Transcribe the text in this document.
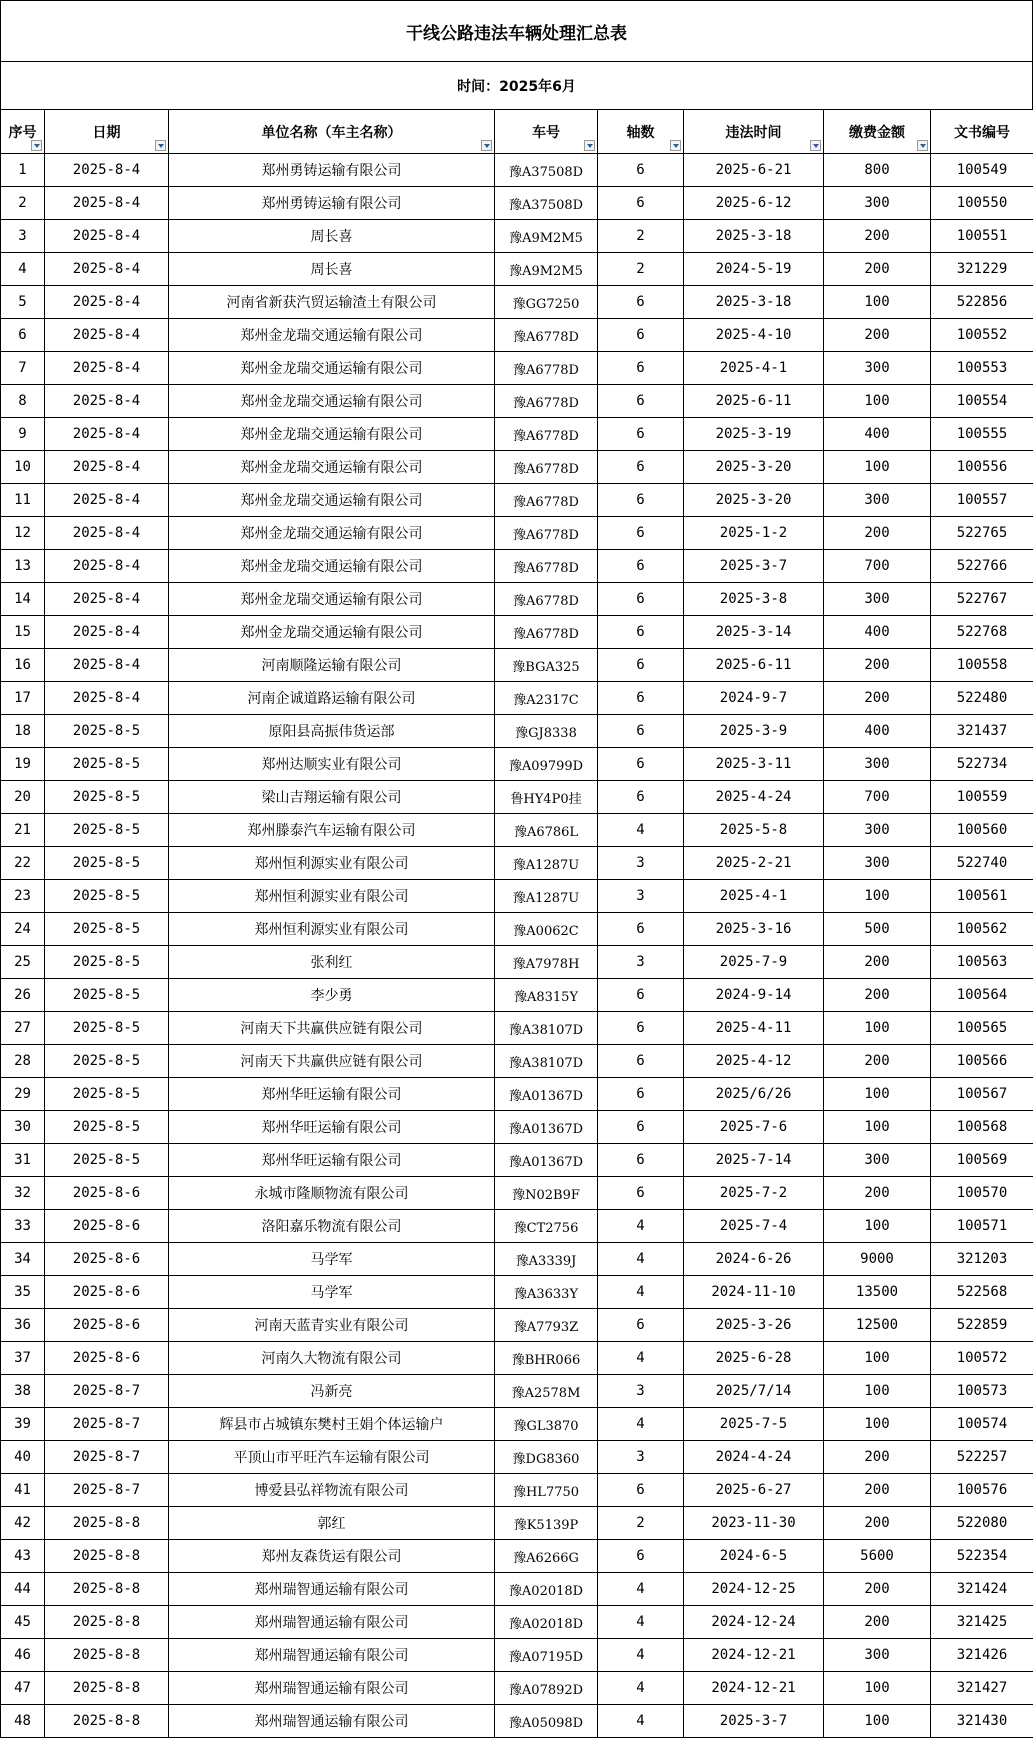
干线公路违法车辆处理汇总表
时间：2025年6月
序号	日期	单位名称（车主名称）	车号	轴数	违法时间	缴费金额	文书编号
1	2025-8-4	郑州勇铸运输有限公司	豫A37508D	6	2025-6-21	800	100549
2	2025-8-4	郑州勇铸运输有限公司	豫A37508D	6	2025-6-12	300	100550
3	2025-8-4	周长喜	豫A9M2M5	2	2025-3-18	200	100551
4	2025-8-4	周长喜	豫A9M2M5	2	2024-5-19	200	321229
5	2025-8-4	河南省新获汽贸运输渣土有限公司	豫GG7250	6	2025-3-18	100	522856
6	2025-8-4	郑州金龙瑞交通运输有限公司	豫A6778D	6	2025-4-10	200	100552
7	2025-8-4	郑州金龙瑞交通运输有限公司	豫A6778D	6	2025-4-1	300	100553
8	2025-8-4	郑州金龙瑞交通运输有限公司	豫A6778D	6	2025-6-11	100	100554
9	2025-8-4	郑州金龙瑞交通运输有限公司	豫A6778D	6	2025-3-19	400	100555
10	2025-8-4	郑州金龙瑞交通运输有限公司	豫A6778D	6	2025-3-20	100	100556
11	2025-8-4	郑州金龙瑞交通运输有限公司	豫A6778D	6	2025-3-20	300	100557
12	2025-8-4	郑州金龙瑞交通运输有限公司	豫A6778D	6	2025-1-2	200	522765
13	2025-8-4	郑州金龙瑞交通运输有限公司	豫A6778D	6	2025-3-7	700	522766
14	2025-8-4	郑州金龙瑞交通运输有限公司	豫A6778D	6	2025-3-8	300	522767
15	2025-8-4	郑州金龙瑞交通运输有限公司	豫A6778D	6	2025-3-14	400	522768
16	2025-8-4	河南顺隆运输有限公司	豫BGA325	6	2025-6-11	200	100558
17	2025-8-4	河南企诚道路运输有限公司	豫A2317C	6	2024-9-7	200	522480
18	2025-8-5	原阳县高振伟货运部	豫GJ8338	6	2025-3-9	400	321437
19	2025-8-5	郑州达顺实业有限公司	豫A09799D	6	2025-3-11	300	522734
20	2025-8-5	梁山吉翔运输有限公司	鲁HY4P0挂	6	2025-4-24	700	100559
21	2025-8-5	郑州滕泰汽车运输有限公司	豫A6786L	4	2025-5-8	300	100560
22	2025-8-5	郑州恒利源实业有限公司	豫A1287U	3	2025-2-21	300	522740
23	2025-8-5	郑州恒利源实业有限公司	豫A1287U	3	2025-4-1	100	100561
24	2025-8-5	郑州恒利源实业有限公司	豫A0062C	6	2025-3-16	500	100562
25	2025-8-5	张利红	豫A7978H	3	2025-7-9	200	100563
26	2025-8-5	李少勇	豫A8315Y	6	2024-9-14	200	100564
27	2025-8-5	河南天下共赢供应链有限公司	豫A38107D	6	2025-4-11	100	100565
28	2025-8-5	河南天下共赢供应链有限公司	豫A38107D	6	2025-4-12	200	100566
29	2025-8-5	郑州华旺运输有限公司	豫A01367D	6	2025/6/26	100	100567
30	2025-8-5	郑州华旺运输有限公司	豫A01367D	6	2025-7-6	100	100568
31	2025-8-5	郑州华旺运输有限公司	豫A01367D	6	2025-7-14	300	100569
32	2025-8-6	永城市隆顺物流有限公司	豫N02B9F	6	2025-7-2	200	100570
33	2025-8-6	洛阳嘉乐物流有限公司	豫CT2756	4	2025-7-4	100	100571
34	2025-8-6	马学军	豫A3339J	4	2024-6-26	9000	321203
35	2025-8-6	马学军	豫A3633Y	4	2024-11-10	13500	522568
36	2025-8-6	河南天蓝青实业有限公司	豫A7793Z	6	2025-3-26	12500	522859
37	2025-8-6	河南久大物流有限公司	豫BHR066	4	2025-6-28	100	100572
38	2025-8-7	冯新亮	豫A2578M	3	2025/7/14	100	100573
39	2025-8-7	辉县市占城镇东樊村王娟个体运输户	豫GL3870	4	2025-7-5	100	100574
40	2025-8-7	平顶山市平旺汽车运输有限公司	豫DG8360	3	2024-4-24	200	522257
41	2025-8-7	博爱县弘祥物流有限公司	豫HL7750	6	2025-6-27	200	100576
42	2025-8-8	郭红	豫K5139P	2	2023-11-30	200	522080
43	2025-8-8	郑州友森货运有限公司	豫A6266G	6	2024-6-5	5600	522354
44	2025-8-8	郑州瑞智通运输有限公司	豫A02018D	4	2024-12-25	200	321424
45	2025-8-8	郑州瑞智通运输有限公司	豫A02018D	4	2024-12-24	200	321425
46	2025-8-8	郑州瑞智通运输有限公司	豫A07195D	4	2024-12-21	300	321426
47	2025-8-8	郑州瑞智通运输有限公司	豫A07892D	4	2024-12-21	100	321427
48	2025-8-8	郑州瑞智通运输有限公司	豫A05098D	4	2025-3-7	100	321430
